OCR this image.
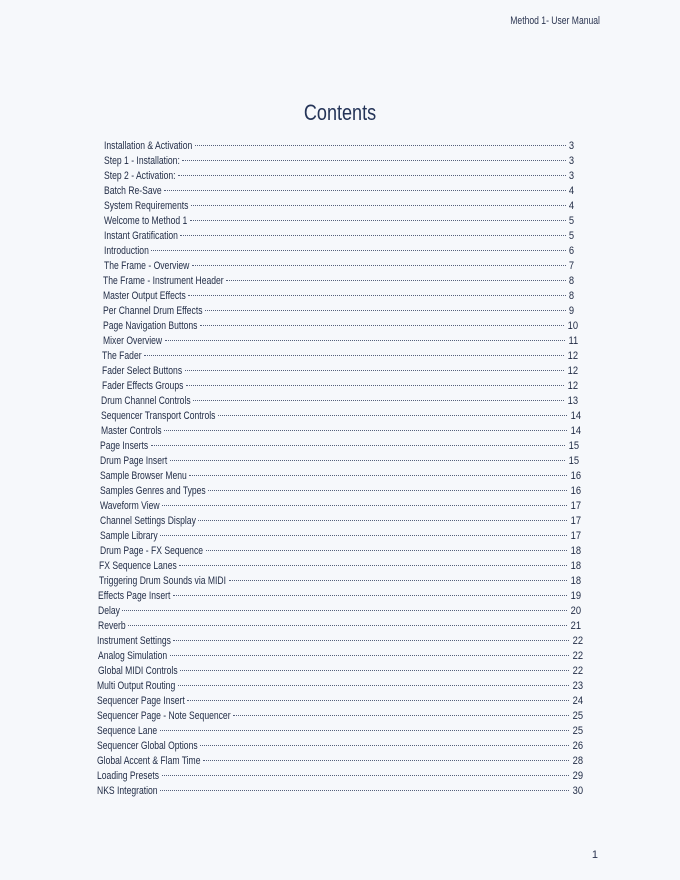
Method 1- User Manual
Contents
Installation & Activation	3
Step 1 - Installation:	3
Step 2 - Activation:	3
Batch Re-Save	4
System Requirements	4
Welcome to Method 1	5
Instant Gratification	5
Introduction	6
The Frame - Overview	7
The Frame - Instrument Header	8
Master Output Effects	8
Per Channel Drum Effects	9
Page Navigation Buttons	10
Mixer Overview	11
The Fader	12
Fader Select Buttons	12
Fader Effects Groups	12
Drum Channel Controls	13
Sequencer Transport Controls	14
Master Controls	14
Page Inserts	15
Drum Page Insert	15
Sample Browser Menu	16
Samples Genres and Types	16
Waveform View	17
Channel Settings Display	17
Sample Library	17
Drum Page - FX Sequence	18
FX Sequence Lanes	18
Triggering Drum Sounds via MIDI	18
Effects Page Insert	19
Delay	20
Reverb	21
Instrument Settings	22
Analog Simulation	22
Global MIDI Controls	22
Multi Output Routing	23
Sequencer Page Insert	24
Sequencer Page - Note Sequencer	25
Sequence Lane	25
Sequencer Global Options	26
Global Accent & Flam Time	28
Loading Presets	29
NKS Integration	30
1
